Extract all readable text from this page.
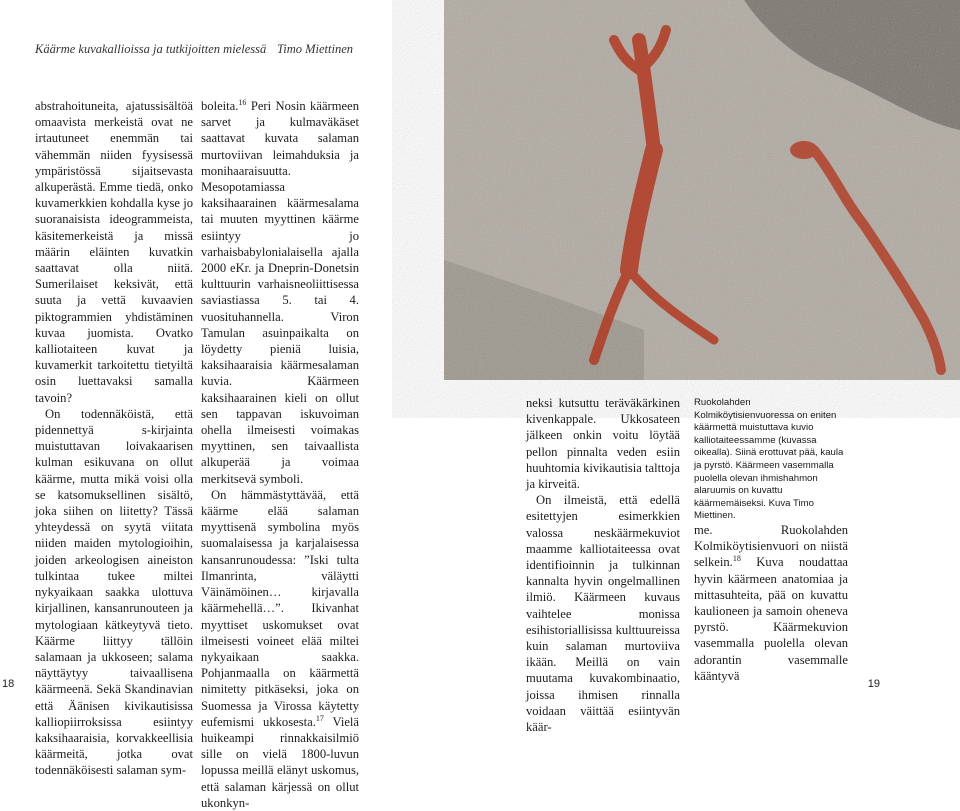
Käärme kuvakallioissa ja tutkijoitten mielessä Timo Miettinen

abstrahoituneita, ajatussisältöä omaavista merkeistä ovat ne irtautuneet enemmän tai vähemmän niiden fyysisessä ympäristössä sijaitsevasta alkuperästä. Emme tiedä, onko kuvamerkkien kohdalla kyse jo suoranaisista ideogrammeista, käsitemerkeistä ja missä määrin eläinten kuvatkin saattavat olla niitä. Sumerilaiset keksivät, että suuta ja vettä kuvaavien piktogrammien yhdistäminen kuvaa juomista. Ovatko kalliotaiteen kuvat ja kuvamerkit tarkoitettu tietyiltä osin luettavaksi samalla tavoin?

On todennäköistä, että pidennettyä s-kirjainta muistuttavan loivakaarisen kulman esikuvana on ollut käärme, mutta mikä voisi olla se katsomuksellinen sisältö, joka siihen on liitetty? Tässä yhteydessä on syytä viitata niiden maiden mytologioihin, joiden arkeologisen aineiston tulkintaa tukee miltei nykyaikaan saakka ulottuva kirjallinen, kansanrunouteen ja mytologiaan kätkeytyvä tieto. Käärme liittyy tällöin salamaan ja ukkoseen; salama näyttäytyy taivaallisena käärmeenä. Sekä Skandinavian että Äänisen kivikautisissa kalliopiirroksissa esiintyy kaksihaaraisia, korvakkeellisia käärmeitä, jotka ovat todennäköisesti salaman sym-

boleita.$^{16}$ Peri Nosin käärmeen sarvet ja kulmaväkäset saattavat kuvata salaman murtoviivan leimahduksia ja monihaaraisuutta. Mesopotamiassa kaksihaarainen käärmesalama tai muuten myyttinen käärme esiintyy jo varhaisbabylonialaisella ajalla 2000 eKr. ja Dneprin-Donetsin kulttuurin varhaisneoliittisessa saviastiassa 5. tai 4. vuosituhannella. Viron Tamulan asuinpaikalta on löydetty pieniä luisia, kaksihaaraisia käärmesalaman kuvia. Käärmeen kaksihaarainen kieli on ollut sen tappavan iskuvoiman ohella ilmeisesti voimakas myyttinen, sen taivaallista alkuperää ja voimaa merkitsevä symboli.

On hämmästyttävää, että käärme elää salaman myyttisenä symbolina myös suomalaisessa ja karjalaisessa kansanrunoudessa: ”Iski tulta Ilmanrinta, väläytti Väinämöinen… kirjavalla käärmehellä…”. Ikivanhat myyttiset uskomukset ovat ilmeisesti voineet elää miltei nykyaikaan saakka. Pohjanmaalla on käärmettä nimitetty pitkäseksi, joka on Suomessa ja Virossa käytetty eufemismi ukkosesta.$^{17}$ Vielä huikeampi rinnakkaisilmiö sille on vielä 1800-luvun lopussa meillä elänyt uskomus, että salaman kärjessä on ollut ukonkyn-

18

neksi kutsuttu teräväkärkinen kivenkappale. Ukkosateen jälkeen onkin voitu löytää pellon pinnalta veden esiin huuhtomia kivikautisia talttoja ja kirveitä.

On ilmeistä, että edellä esitettyjen esimerkkien valossa neskäärmekuviot maamme kalliotaiteessa ovat identifioinnin ja tulkinnan kannalta hyvin ongelmallinen ilmiö. Käärmeen kuvaus vaihtelee monissa esihistoriallisissa kulttuureissa kuin salaman murtoviiva ikään. Meillä on vain muutama kuvakombinaatio, joissa ihmisen rinnalla voidaan väittää esiintyvän käär-

Ruokolahden Kolmiköytisienvuoressa on eniten käärmettä muistuttava kuvio kalliotaiteessamme (kuvassa oikealla). Siinä erottuvat pää, kaula ja pyrstö. Käärmeen vasemmalla puolella olevan ihmishahmon alaruumis on kuvattu käärmemäiseksi. Kuva Timo Miettinen.

me. Ruokolahden Kolmiköytisienvuori on niistä selkein.$^{18}$ Kuva noudattaa hyvin käärmeen anatomiaa ja mittasuhteita, pää on kuvattu kaulioneen ja samoin oheneva pyrstö. Käärmekuvion vasemmalla puolella olevan adorantin vasemmalle kääntyvä

19
